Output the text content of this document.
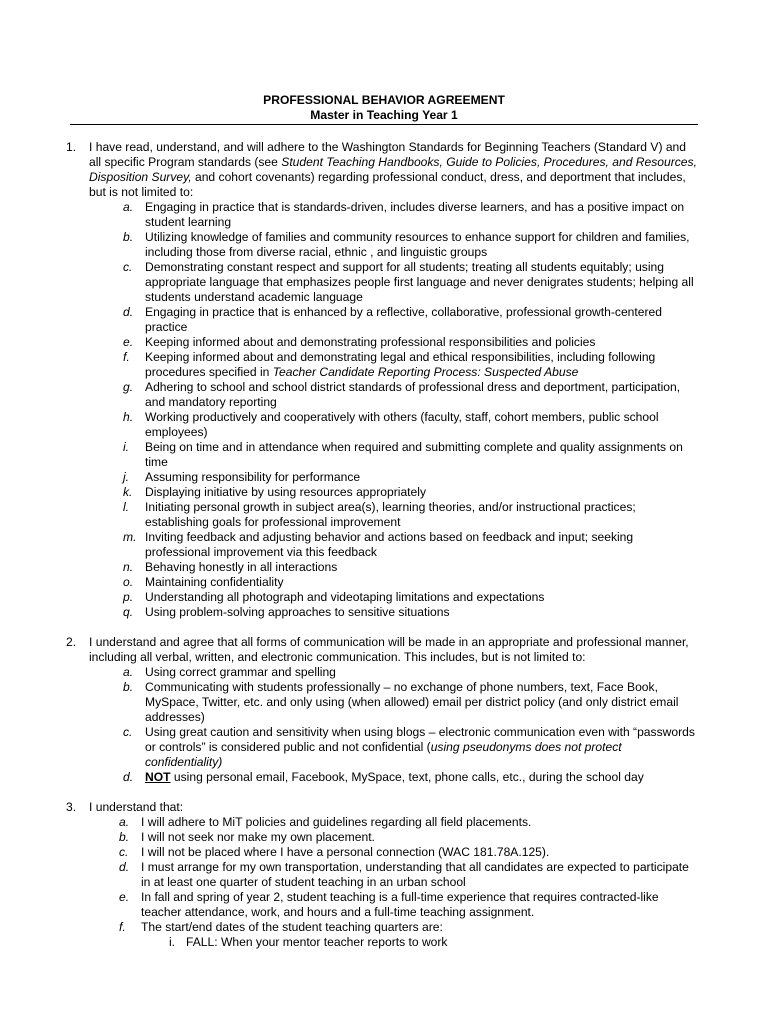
PROFESSIONAL BEHAVIOR AGREEMENT
Master in Teaching Year 1
1. I have read, understand, and will adhere to the Washington Standards for Beginning Teachers (Standard V) and all specific Program standards (see Student Teaching Handbooks, Guide to Policies, Procedures, and Resources, Disposition Survey, and cohort covenants) regarding professional conduct, dress, and deportment that includes, but is not limited to:
a. Engaging in practice that is standards-driven, includes diverse learners, and has a positive impact on student learning
b. Utilizing knowledge of families and community resources to enhance support for children and families, including those from diverse racial, ethnic , and linguistic groups
c. Demonstrating constant respect and support for all students; treating all students equitably; using appropriate language that emphasizes people first language and never denigrates students; helping all students understand academic language
d. Engaging in practice that is enhanced by a reflective, collaborative, professional growth-centered practice
e. Keeping informed about and demonstrating professional responsibilities and policies
f. Keeping informed about and demonstrating legal and ethical responsibilities, including following procedures specified in Teacher Candidate Reporting Process: Suspected Abuse
g. Adhering to school and school district standards of professional dress and deportment, participation, and mandatory reporting
h. Working productively and cooperatively with others (faculty, staff, cohort members, public school employees)
i. Being on time and in attendance when required and submitting complete and quality assignments on time
j. Assuming responsibility for performance
k. Displaying initiative by using resources appropriately
l. Initiating personal growth in subject area(s), learning theories, and/or instructional practices; establishing goals for professional improvement
m. Inviting feedback and adjusting behavior and actions based on feedback and input; seeking professional improvement via this feedback
n. Behaving honestly in all interactions
o. Maintaining confidentiality
p. Understanding all photograph and videotaping limitations and expectations
q. Using problem-solving approaches to sensitive situations
2. I understand and agree that all forms of communication will be made in an appropriate and professional manner, including all verbal, written, and electronic communication. This includes, but is not limited to:
a. Using correct grammar and spelling
b. Communicating with students professionally – no exchange of phone numbers, text, Face Book, MySpace, Twitter, etc. and only using (when allowed) email per district policy (and only district email addresses)
c. Using great caution and sensitivity when using blogs – electronic communication even with “passwords or controls” is considered public and not confidential (using pseudonyms does not protect confidentiality)
d. NOT using personal email, Facebook, MySpace, text, phone calls, etc., during the school day
3. I understand that:
a. I will adhere to MiT policies and guidelines regarding all field placements.
b. I will not seek nor make my own placement.
c. I will not be placed where I have a personal connection (WAC 181.78A.125).
d. I must arrange for my own transportation, understanding that all candidates are expected to participate in at least one quarter of student teaching in an urban school
e. In fall and spring of year 2, student teaching is a full-time experience that requires contracted-like teacher attendance, work, and hours and a full-time teaching assignment.
f. The start/end dates of the student teaching quarters are:
i. FALL: When your mentor teacher reports to work
